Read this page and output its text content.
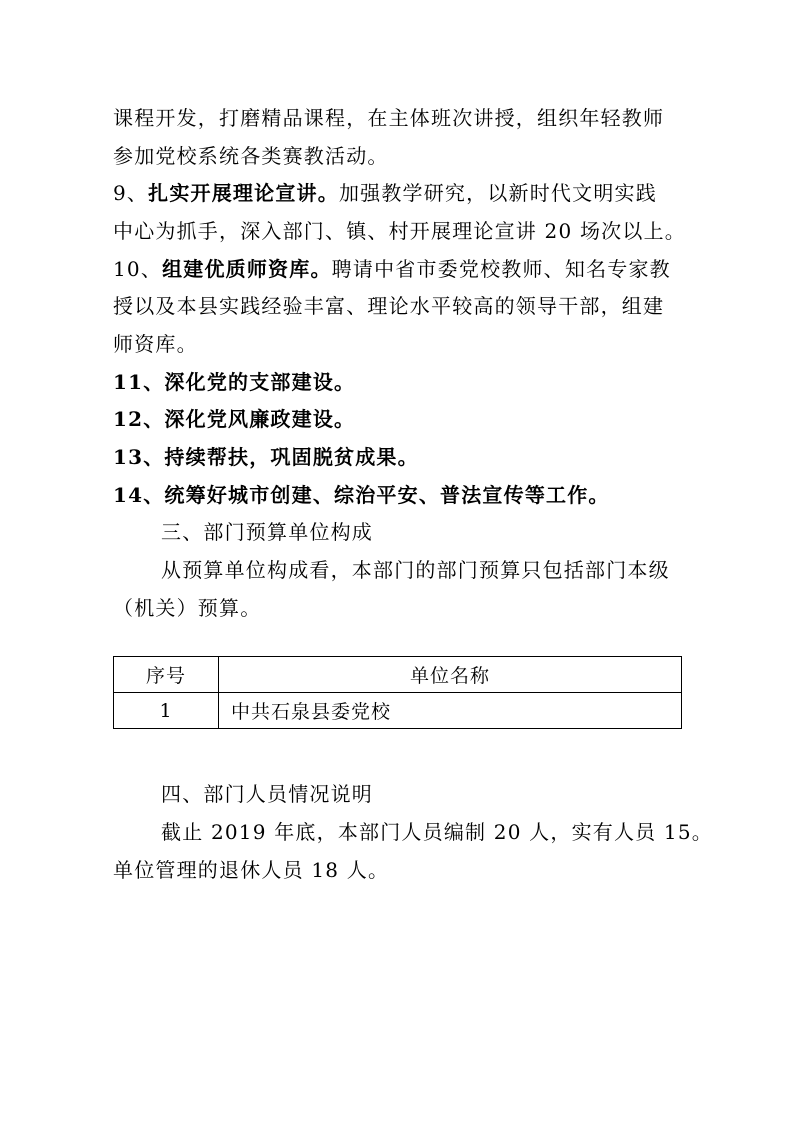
课程开发，打磨精品课程，在主体班次讲授，组织年轻教师
参加党校系统各类赛教活动。
9、扎实开展理论宣讲。加强教学研究，以新时代文明实践
中心为抓手，深入部门、镇、村开展理论宣讲 20 场次以上。
10、组建优质师资库。聘请中省市委党校教师、知名专家教
授以及本县实践经验丰富、理论水平较高的领导干部，组建
师资库。
11、深化党的支部建设。
12、深化党风廉政建设。
13、持续帮扶，巩固脱贫成果。
14、统筹好城市创建、综治平安、普法宣传等工作。
三、部门预算单位构成
从预算单位构成看，本部门的部门预算只包括部门本级
（机关）预算。
序号	单位名称
1	中共石泉县委党校
四、部门人员情况说明
截止 2019 年底，本部门人员编制 20 人，实有人员 15。
单位管理的退休人员 18 人。
